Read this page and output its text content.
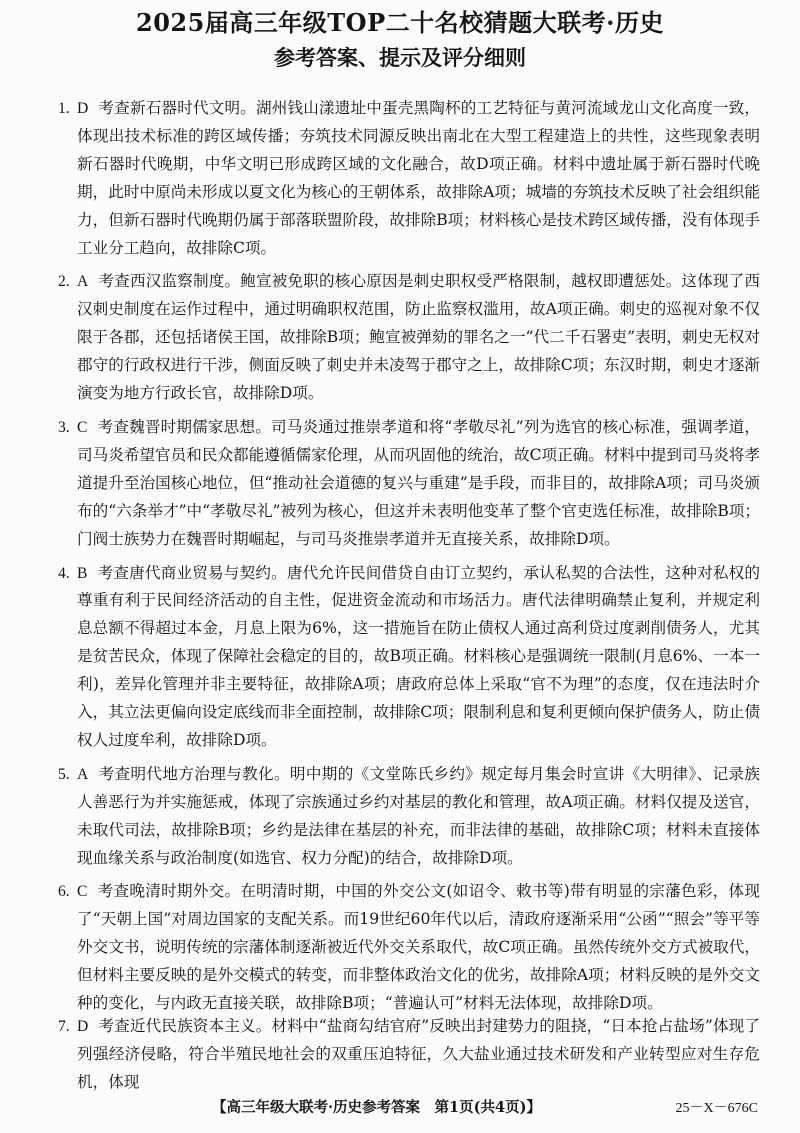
2025届高三年级TOP二十名校猜题大联考·历史
参考答案、提示及评分细则
1. D 考查新石器时代文明。湖州钱山漾遗址中蛋壳黑陶杯的工艺特征与黄河流域龙山文化高度一致，体现出技术标准的跨区域传播；夯筑技术同源反映出南北在大型工程建造上的共性，这些现象表明新石器时代晚期，中华文明已形成跨区域的文化融合，故D项正确。材料中遗址属于新石器时代晚期，此时中原尚未形成以夏文化为核心的王朝体系，故排除A项；城墙的夯筑技术反映了社会组织能力，但新石器时代晚期仍属于部落联盟阶段，故排除B项；材料核心是技术跨区域传播，没有体现手工业分工趋向，故排除C项。
2. A 考查西汉监察制度。鲍宣被免职的核心原因是刺史职权受严格限制，越权即遭惩处。这体现了西汉刺史制度在运作过程中，通过明确职权范围，防止监察权滥用，故A项正确。刺史的巡视对象不仅限于各郡，还包括诸侯王国，故排除B项；鲍宣被弹劾的罪名之一“代二千石署吏”表明，刺史无权对郡守的行政权进行干涉，侧面反映了刺史并未凌驾于郡守之上，故排除C项；东汉时期，刺史才逐渐演变为地方行政长官，故排除D项。
3. C 考查魏晋时期儒家思想。司马炎通过推崇孝道和将“孝敬尽礼”列为选官的核心标准，强调孝道，司马炎希望官员和民众都能遵循儒家伦理，从而巩固他的统治，故C项正确。材料中提到司马炎将孝道提升至治国核心地位，但“推动社会道德的复兴与重建”是手段，而非目的，故排除A项；司马炎颁布的“六条举才”中“孝敬尽礼”被列为核心，但这并未表明他变革了整个官吏选任标准，故排除B项；门阀士族势力在魏晋时期崛起，与司马炎推崇孝道并无直接关系，故排除D项。
4. B 考查唐代商业贸易与契约。唐代允许民间借贷自由订立契约，承认私契的合法性，这种对私权的尊重有利于民间经济活动的自主性，促进资金流动和市场活力。唐代法律明确禁止复利，并规定利息总额不得超过本金，月息上限为6%，这一措施旨在防止债权人通过高利贷过度剥削债务人，尤其是贫苦民众，体现了保障社会稳定的目的，故B项正确。材料核心是强调统一限制(月息6%、一本一利)，差异化管理并非主要特征，故排除A项；唐政府总体上采取“官不为理”的态度，仅在违法时介入，其立法更偏向设定底线而非全面控制，故排除C项；限制利息和复利更倾向保护债务人，防止债权人过度牟利，故排除D项。
5. A 考查明代地方治理与教化。明中期的《文堂陈氏乡约》规定每月集会时宣讲《大明律》、记录族人善恶行为并实施惩戒，体现了宗族通过乡约对基层的教化和管理，故A项正确。材料仅提及送官，未取代司法，故排除B项；乡约是法律在基层的补充，而非法律的基础，故排除C项；材料未直接体现血缘关系与政治制度(如选官、权力分配)的结合，故排除D项。
6. C 考查晚清时期外交。在明清时期，中国的外交公文(如诏令、敕书等)带有明显的宗藩色彩，体现了“天朝上国”对周边国家的支配关系。而19世纪60年代以后，清政府逐渐采用“公函”“照会”等平等外交文书，说明传统的宗藩体制逐渐被近代外交关系取代，故C项正确。虽然传统外交方式被取代，但材料主要反映的是外交模式的转变，而非整体政治文化的优劣，故排除A项；材料反映的是外交文种的变化，与内政无直接关联，故排除B项；“普遍认可”材料无法体现，故排除D项。
7. D 考查近代民族资本主义。材料中“盐商勾结官府”反映出封建势力的阻挠，“日本抢占盐场”体现了列强经济侵略，符合半殖民地社会的双重压迫特征，久大盐业通过技术研发和产业转型应对生存危机，体现
【高三年级大联考·历史参考答案　第1页(共4页)】	25－X－676C
